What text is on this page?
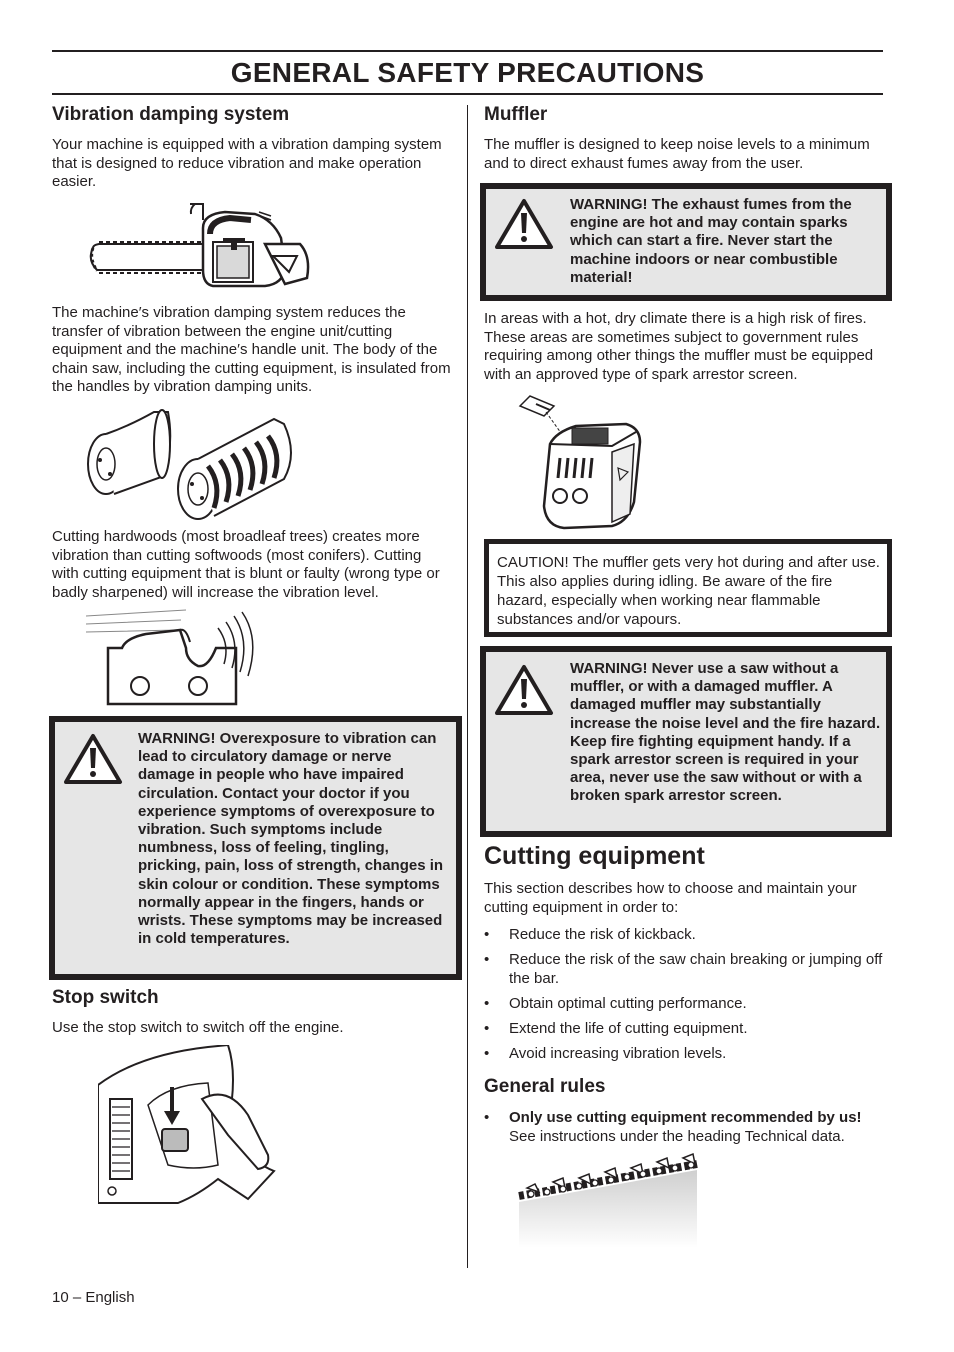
GENERAL SAFETY PRECAUTIONS
Vibration damping system

Your machine is equipped with a vibration damping system that is designed to reduce vibration and make operation easier.

The machine′s vibration damping system reduces the transfer of vibration between the engine unit/cutting equipment and the machine′s handle unit. The body of the chain saw, including the cutting equipment, is insulated from the handles by vibration damping units.

Cutting hardwoods (most broadleaf trees) creates more vibration than cutting softwoods (most conifers). Cutting with cutting equipment that is blunt or faulty (wrong type or badly sharpened) will increase the vibration level.

WARNING! Overexposure to vibration can lead to circulatory damage or nerve damage in people who have impaired circulation. Contact your doctor if you experience symptoms of overexposure to vibration. Such symptoms include numbness, loss of feeling, tingling, pricking, pain, loss of strength, changes in skin colour or condition. These symptoms normally appear in the fingers, hands or wrists. These symptoms may be increased in cold temperatures.
Stop switch

Use the stop switch to switch off the engine.

10 – English
Muffler

The muffler is designed to keep noise levels to a minimum and to direct exhaust fumes away from the user.

WARNING! The exhaust fumes from the engine are hot and may contain sparks which can start a fire. Never start the machine indoors or near combustible material!

In areas with a hot, dry climate there is a high risk of fires. These areas are sometimes subject to government rules requiring among other things the muffler must be equipped with an approved type of spark arrestor screen.

CAUTION! The muffler gets very hot during and after use. This also applies during idling. Be aware of the fire hazard, especially when working near flammable substances and/or vapours.
WARNING! Never use a saw without a muffler, or with a damaged muffler. A damaged muffler may substantially increase the noise level and the fire hazard. Keep fire fighting equipment handy. If a spark arrestor screen is required in your area, never use the saw without or with a broken spark arrestor screen.
Cutting equipment

This section describes how to choose and maintain your cutting equipment in order to:

• Reduce the risk of kickback.
• Reduce the risk of the saw chain breaking or jumping off the bar.
• Obtain optimal cutting performance.
• Extend the life of cutting equipment.
• Avoid increasing vibration levels.
General rules
• Only use cutting equipment recommended by us!
See instructions under the heading Technical data.
